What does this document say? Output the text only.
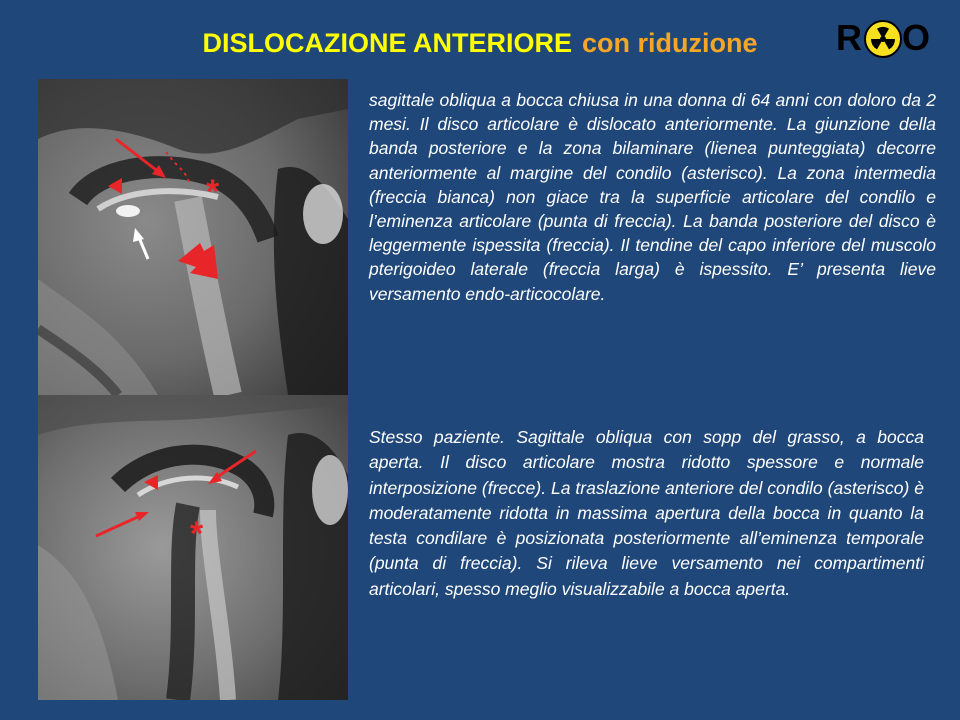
DISLOCAZIONE ANTERIORE con riduzione	R O
*
*

sagittale obliqua a bocca chiusa in una donna di 64 anni con doloro da 2 mesi. Il disco articolare è dislocato anteriormente. La giunzione della banda posteriore e la zona bilaminare (lienea punteggiata) decorre anteriormente al margine del condilo (asterisco). La zona intermedia (freccia bianca) non giace tra la superficie articolare del condilo e l’eminenza articolare (punta di freccia). La banda posteriore del disco è leggermente ispessita (freccia). Il tendine del capo inferiore del muscolo pterigoideo laterale (freccia larga) è ispessito. E’ presenta lieve versamento endo-articocolare.

Stesso paziente. Sagittale obliqua con sopp del grasso, a bocca aperta. Il disco articolare mostra ridotto spessore e normale interposizione (frecce). La traslazione anteriore del condilo (asterisco) è moderatamente ridotta in massima apertura della bocca in quanto la testa condilare è posizionata posteriormente all’eminenza temporale (punta di freccia). Si rileva lieve versamento nei compartimenti articolari, spesso meglio visualizzabile a bocca aperta.
